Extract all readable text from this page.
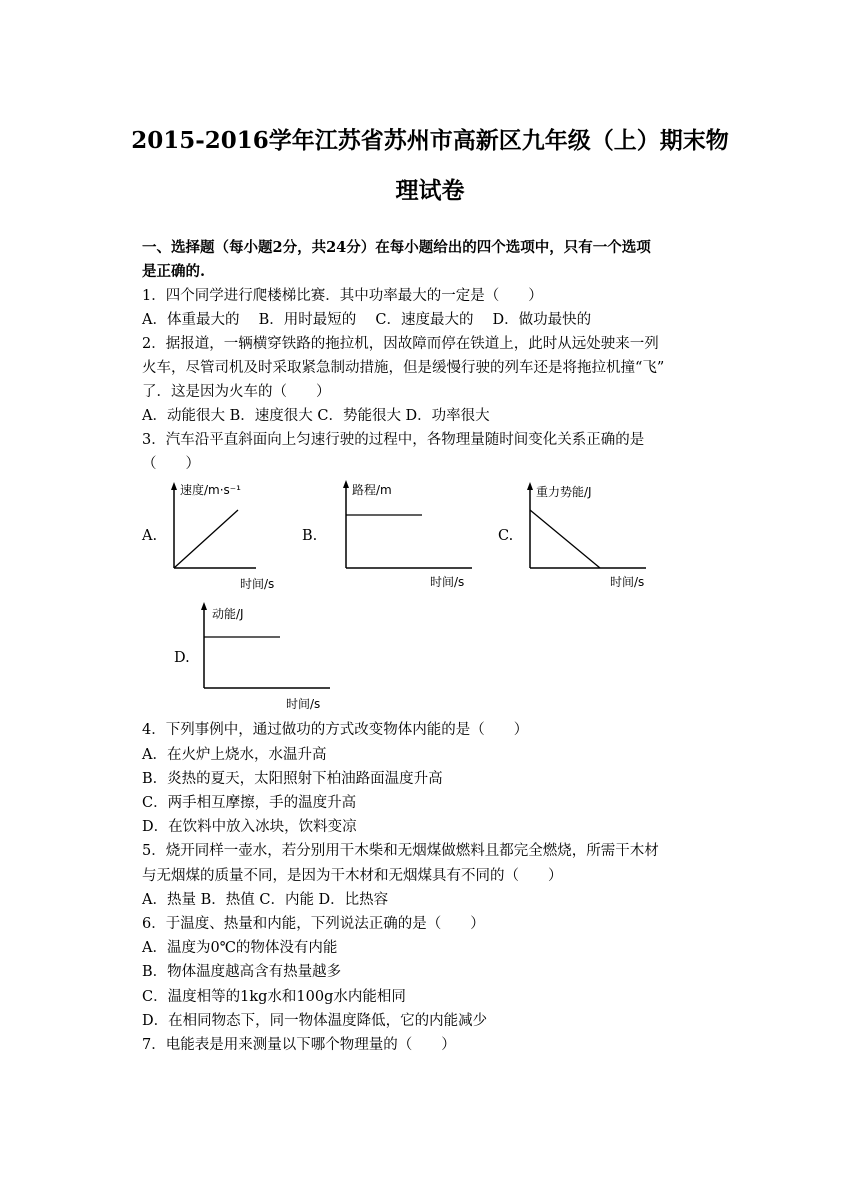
2015-2016学年江苏省苏州市高新区九年级（上）期末物
理试卷
一、选择题（每小题2分，共24分）在每小题给出的四个选项中，只有一个选项
是正确的.
1．四个同学进行爬楼梯比赛．其中功率最大的一定是（　　）
A．体重最大的　 B．用时最短的　 C．速度最大的　 D．做功最快的
2．据报道，一辆横穿铁路的拖拉机，因故障而停在铁道上，此时从远处驶来一列
火车，尽管司机及时采取紧急制动措施，但是缓慢行驶的列车还是将拖拉机撞“飞”
了．这是因为火车的（　　）
A．动能很大 B．速度很大 C．势能很大 D．功率很大
3．汽车沿平直斜面向上匀速行驶的过程中，各物理量随时间变化关系正确的是
（　　）
A.
速度/m·s⁻¹
时间/s
B.
路程/m
时间/s
C.
重力势能/J
时间/s
D.
动能/J
时间/s
4．下列事例中，通过做功的方式改变物体内能的是（　　）
A．在火炉上烧水，水温升高
B．炎热的夏天，太阳照射下柏油路面温度升高
C．两手相互摩擦，手的温度升高
D．在饮料中放入冰块，饮料变凉
5．烧开同样一壶水，若分别用干木柴和无烟煤做燃料且都完全燃烧，所需干木材
与无烟煤的质量不同，是因为干木材和无烟煤具有不同的（　　）
A．热量 B．热值 C．内能 D．比热容
6．于温度、热量和内能，下列说法正确的是（　　）
A．温度为0℃的物体没有内能
B．物体温度越高含有热量越多
C．温度相等的1kg水和100g水内能相同
D．在相同物态下，同一物体温度降低，它的内能减少
7．电能表是用来测量以下哪个物理量的（　　）
